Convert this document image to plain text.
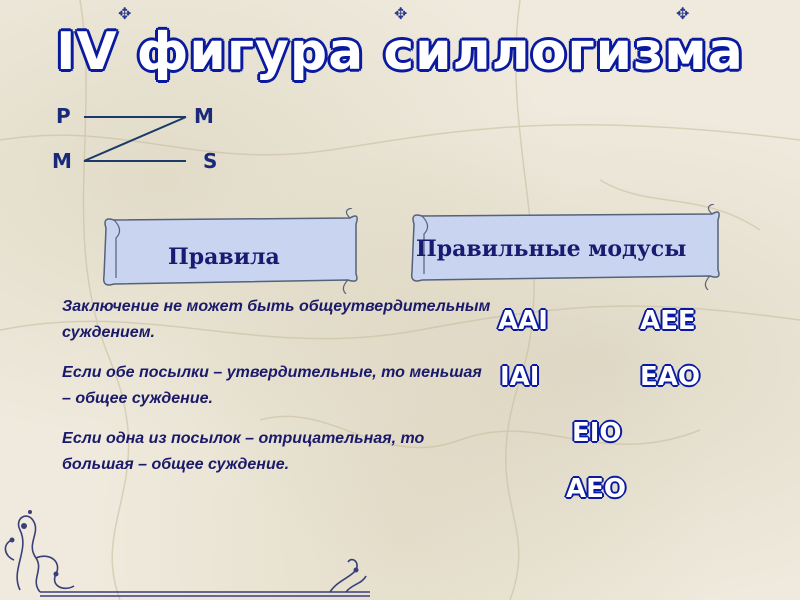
✥	✥	✥
IV фигура силлогизма
P	M
M	S
Правила	Правильные модусы

Заключение не может быть общеутвердительным суждением.

Если обе посылки – утвердительные, то меньшая – общее суждение.

Если одна из посылок – отрицательная, то большая – общее суждение.

AAI	AEE
IAI	EAO
EIO
AEO
